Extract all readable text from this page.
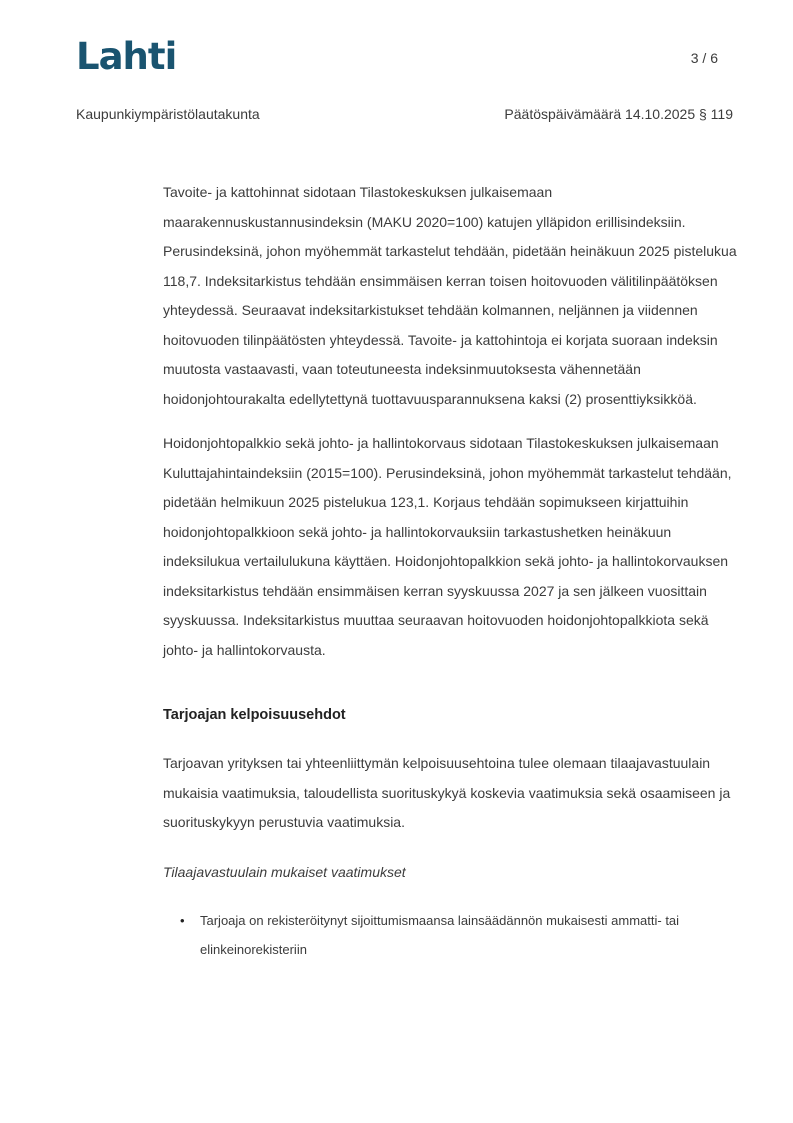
Lahti	3 / 6
Kaupunkiympäristölautakunta	Päätöspäivämäärä 14.10.2025 § 119

Tavoite- ja kattohinnat sidotaan Tilastokeskuksen julkaisemaan maarakennuskustannusindeksin (MAKU 2020=100) katujen ylläpidon erillisindeksiin. Perusindeksinä, johon myöhemmät tarkastelut tehdään, pidetään heinäkuun 2025 pistelukua 118,7. Indeksitarkistus tehdään ensimmäisen kerran toisen hoitovuoden välitilinpäätöksen yhteydessä. Seuraavat indeksitarkistukset tehdään kolmannen, neljännen ja viidennen hoitovuoden tilinpäätösten yhteydessä. Tavoite- ja kattohintoja ei korjata suoraan indeksin muutosta vastaavasti, vaan toteutuneesta indeksinmuutoksesta vähennetään hoidonjohtourakalta edellytettynä tuottavuusparannuksena kaksi (2) prosenttiyksikköä.

Hoidonjohtopalkkio sekä johto- ja hallintokorvaus sidotaan Tilastokeskuksen julkaisemaan Kuluttajahintaindeksiin (2015=100). Perusindeksinä, johon myöhemmät tarkastelut tehdään, pidetään helmikuun 2025 pistelukua 123,1. Korjaus tehdään sopimukseen kirjattuihin hoidonjohtopalkkioon sekä johto- ja hallintokorvauksiin tarkastushetken heinäkuun indeksilukua vertailulukuna käyttäen. Hoidonjohtopalkkion sekä johto- ja hallintokorvauksen indeksitarkistus tehdään ensimmäisen kerran syyskuussa 2027 ja sen jälkeen vuosittain syyskuussa. Indeksitarkistus muuttaa seuraavan hoitovuoden hoidonjohtopalkkiota sekä johto- ja hallintokorvausta.

Tarjoajan kelpoisuusehdot

Tarjoavan yrityksen tai yhteenliittymän kelpoisuusehtoina tulee olemaan tilaajavastuulain mukaisia vaatimuksia, taloudellista suorituskykyä koskevia vaatimuksia sekä osaamiseen ja suorituskykyyn perustuvia vaatimuksia.

Tilaajavastuulain mukaiset vaatimukset
• Tarjoaja on rekisteröitynyt sijoittumismaansa lainsäädännön mukaisesti ammatti- tai elinkeinorekisteriin
